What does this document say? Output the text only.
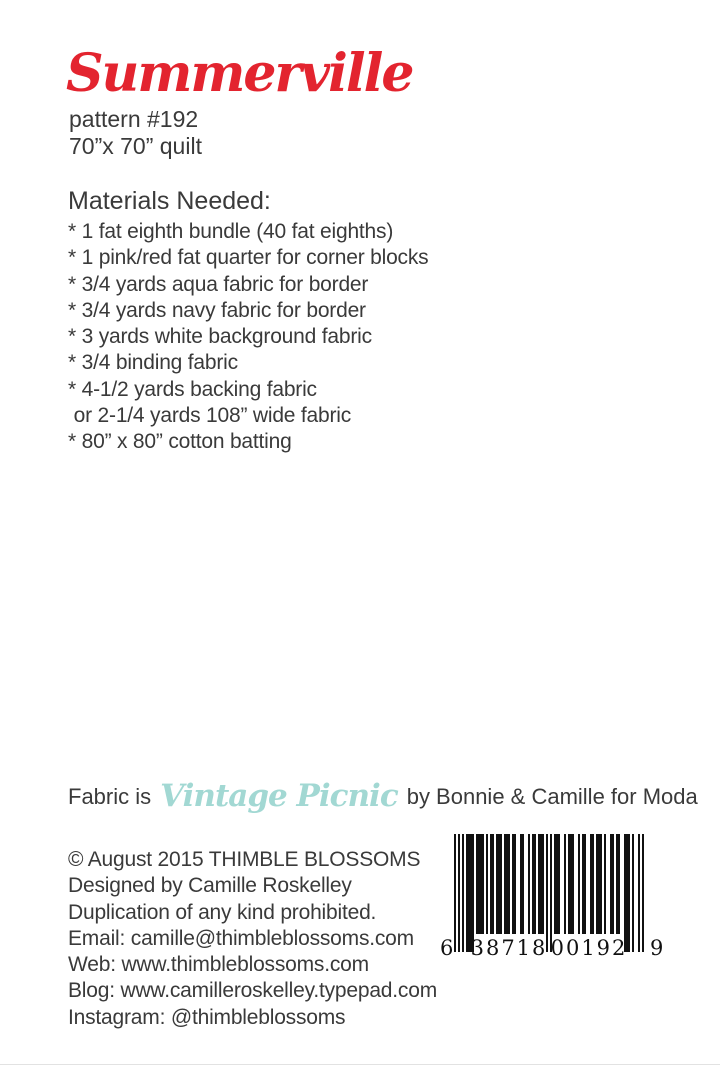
Summerville
pattern #192
70”x 70” quilt
Materials Needed:
* 1 fat eighth bundle (40 fat eighths)
* 1 pink/red fat quarter for corner blocks
* 3/4 yards aqua fabric for border
* 3/4 yards navy fabric for border
* 3 yards white background fabric
* 3/4 binding fabric
* 4-1/2 yards backing fabric
or 2-1/4 yards 108” wide fabric
* 80” x 80” cotton batting
Fabric is Vintage Picnic by Bonnie & Camille for Moda
© August 2015 THIMBLE BLOSSOMS
Designed by Camille Roskelley
Duplication of any kind prohibited.
Email: camille@thimbleblossoms.com
Web: www.thimbleblossoms.com
Blog: www.camilleroskelley.typepad.com
Instagram: @thimbleblossoms
6 38718 00192 9
